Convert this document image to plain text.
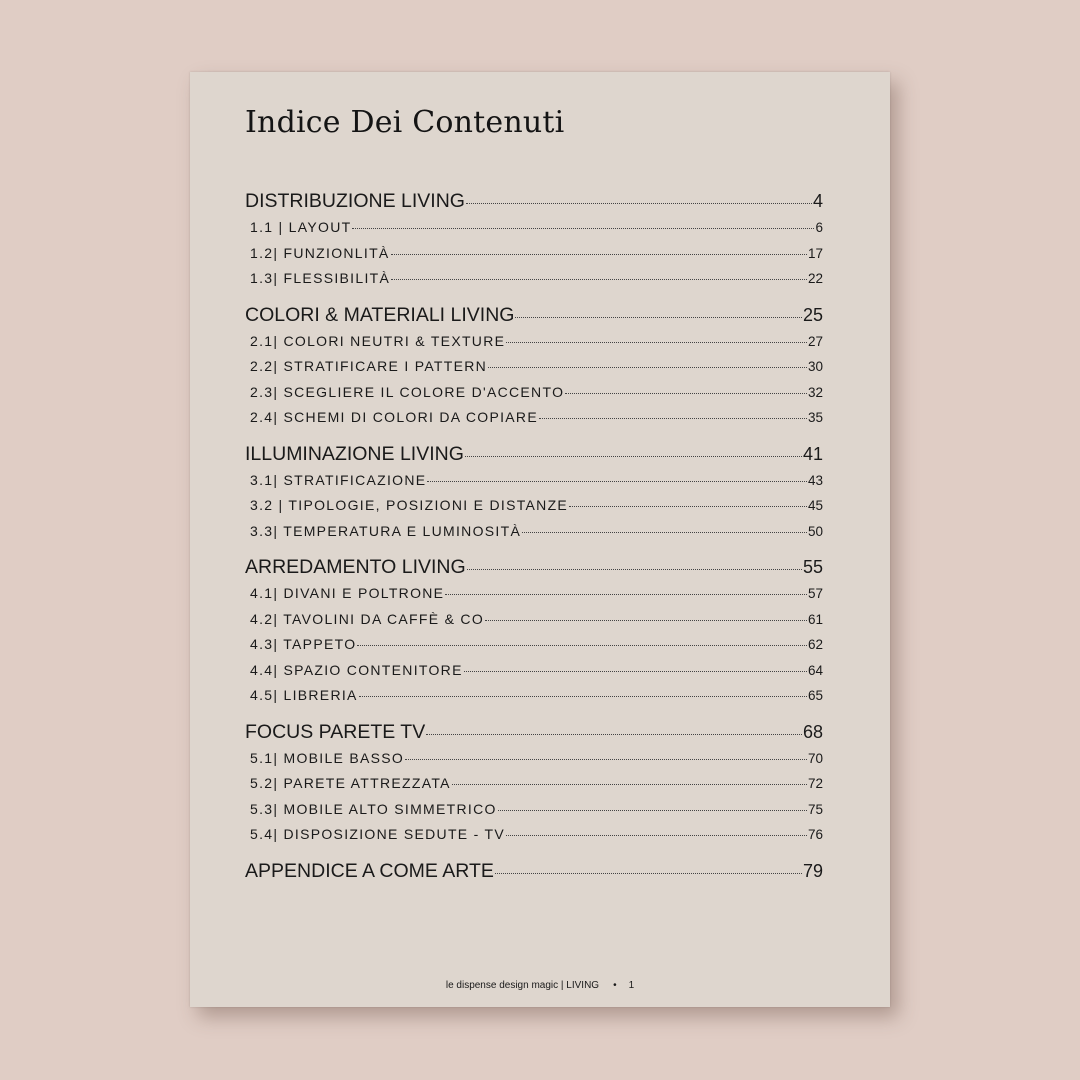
Indice Dei Contenuti
DISTRIBUZIONE LIVING	4
1.1 | LAYOUT	6
1.2| FUNZIONLITÀ	17
1.3| FLESSIBILITÀ	22
COLORI & MATERIALI LIVING	25
2.1| COLORI NEUTRI & TEXTURE	27
2.2| STRATIFICARE I PATTERN	30
2.3| SCEGLIERE IL COLORE D'ACCENTO	32
2.4| SCHEMI DI COLORI DA COPIARE	35
ILLUMINAZIONE LIVING	41
3.1| STRATIFICAZIONE	43
3.2 | TIPOLOGIE, POSIZIONI E DISTANZE	45
3.3| TEMPERATURA E LUMINOSITÀ	50
ARREDAMENTO LIVING	55
4.1| DIVANI E POLTRONE	57
4.2| TAVOLINI DA CAFFÈ & CO	61
4.3| TAPPETO	62
4.4| SPAZIO CONTENITORE	64
4.5| LIBRERIA	65
FOCUS PARETE TV	68
5.1| MOBILE BASSO	70
5.2| PARETE ATTREZZATA	72
5.3| MOBILE ALTO SIMMETRICO	75
5.4| DISPOSIZIONE SEDUTE - TV	76
APPENDICE A COME ARTE	79
le dispense design magic | LIVING • 1
